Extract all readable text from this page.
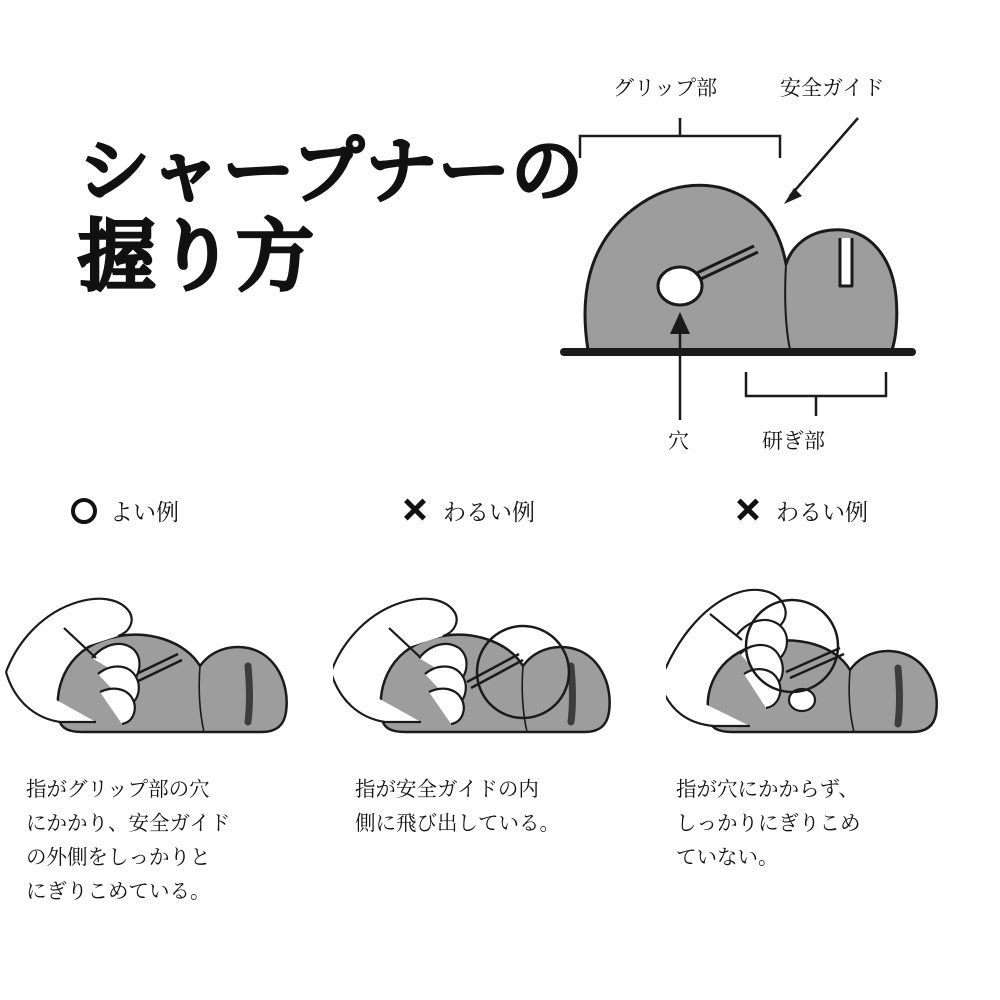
シャープナーの
握り方
グリップ部	安全ガイド
穴	研ぎ部
よい例
指がグリップ部の穴
にかかり、安全ガイド
の外側をしっかりと
にぎりこめている。
わるい例
指が安全ガイドの内
側に飛び出している。
わるい例
指が穴にかからず、
しっかりにぎりこめ
ていない。
